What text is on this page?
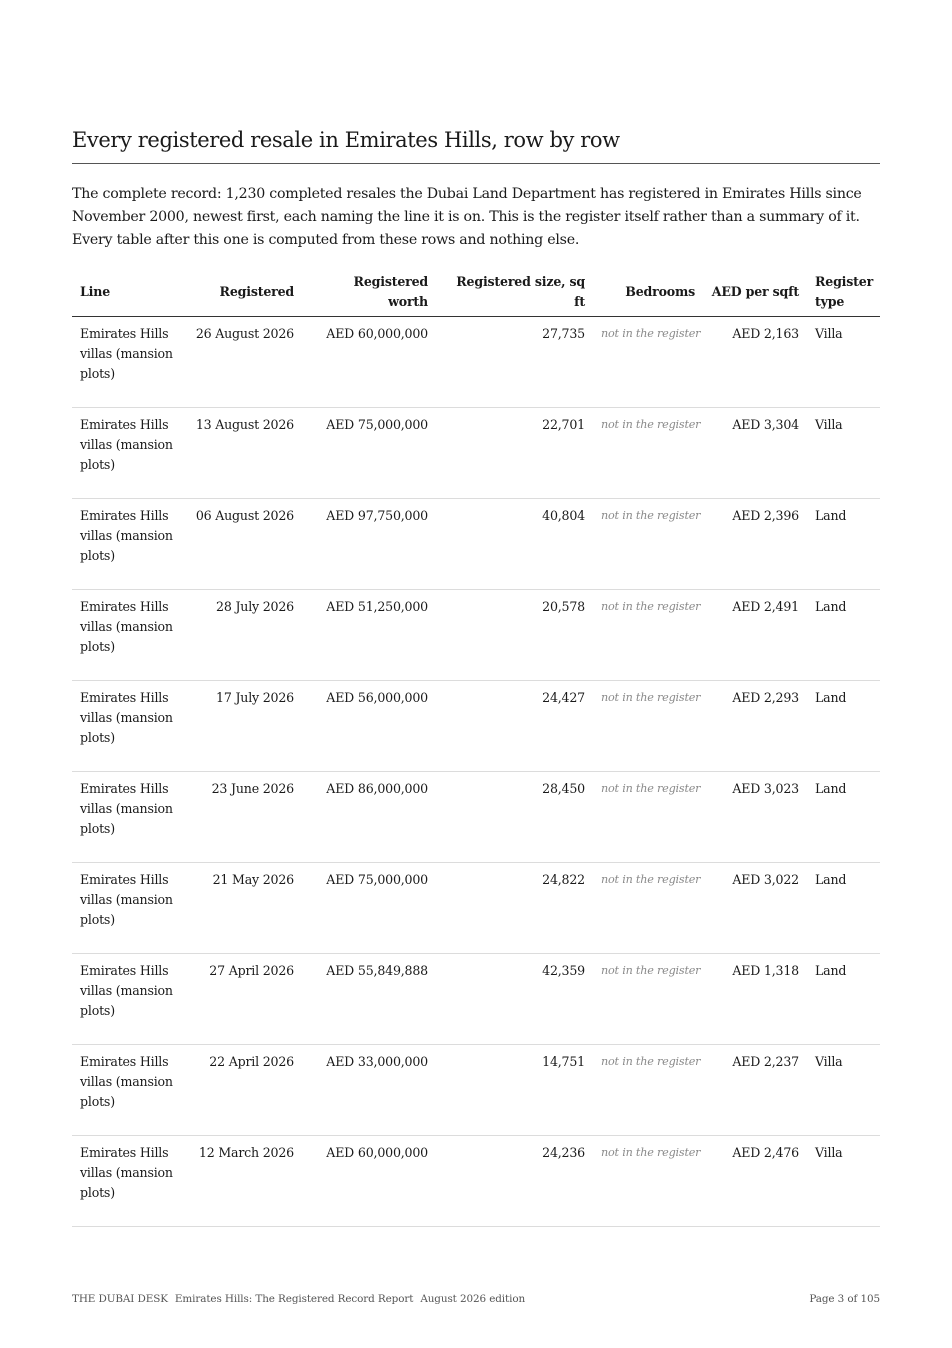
Every registered resale in Emirates Hills, row by row

The complete record: 1,230 completed resales the Dubai Land Department has registered in Emirates Hills since November 2000, newest first, each naming the line it is on. This is the register itself rather than a summary of it. Every table after this one is computed from these rows and nothing else.

Line	Registered	Registered worth	Registered size, sq ft	Bedrooms	AED per sqft	Register type
Emirates Hills villas (mansion plots)	26 August 2026	AED 60,000,000	27,735	not in the register	AED 2,163	Villa
Emirates Hills villas (mansion plots)	13 August 2026	AED 75,000,000	22,701	not in the register	AED 3,304	Villa
Emirates Hills villas (mansion plots)	06 August 2026	AED 97,750,000	40,804	not in the register	AED 2,396	Land
Emirates Hills villas (mansion plots)	28 July 2026	AED 51,250,000	20,578	not in the register	AED 2,491	Land
Emirates Hills villas (mansion plots)	17 July 2026	AED 56,000,000	24,427	not in the register	AED 2,293	Land
Emirates Hills villas (mansion plots)	23 June 2026	AED 86,000,000	28,450	not in the register	AED 3,023	Land
Emirates Hills villas (mansion plots)	21 May 2026	AED 75,000,000	24,822	not in the register	AED 3,022	Land
Emirates Hills villas (mansion plots)	27 April 2026	AED 55,849,888	42,359	not in the register	AED 1,318	Land
Emirates Hills villas (mansion plots)	22 April 2026	AED 33,000,000	14,751	not in the register	AED 2,237	Villa
Emirates Hills villas (mansion plots)	12 March 2026	AED 60,000,000	24,236	not in the register	AED 2,476	Villa
THE DUBAI DESK Emirates Hills: The Registered Record Report August 2026 edition	Page 3 of 105
